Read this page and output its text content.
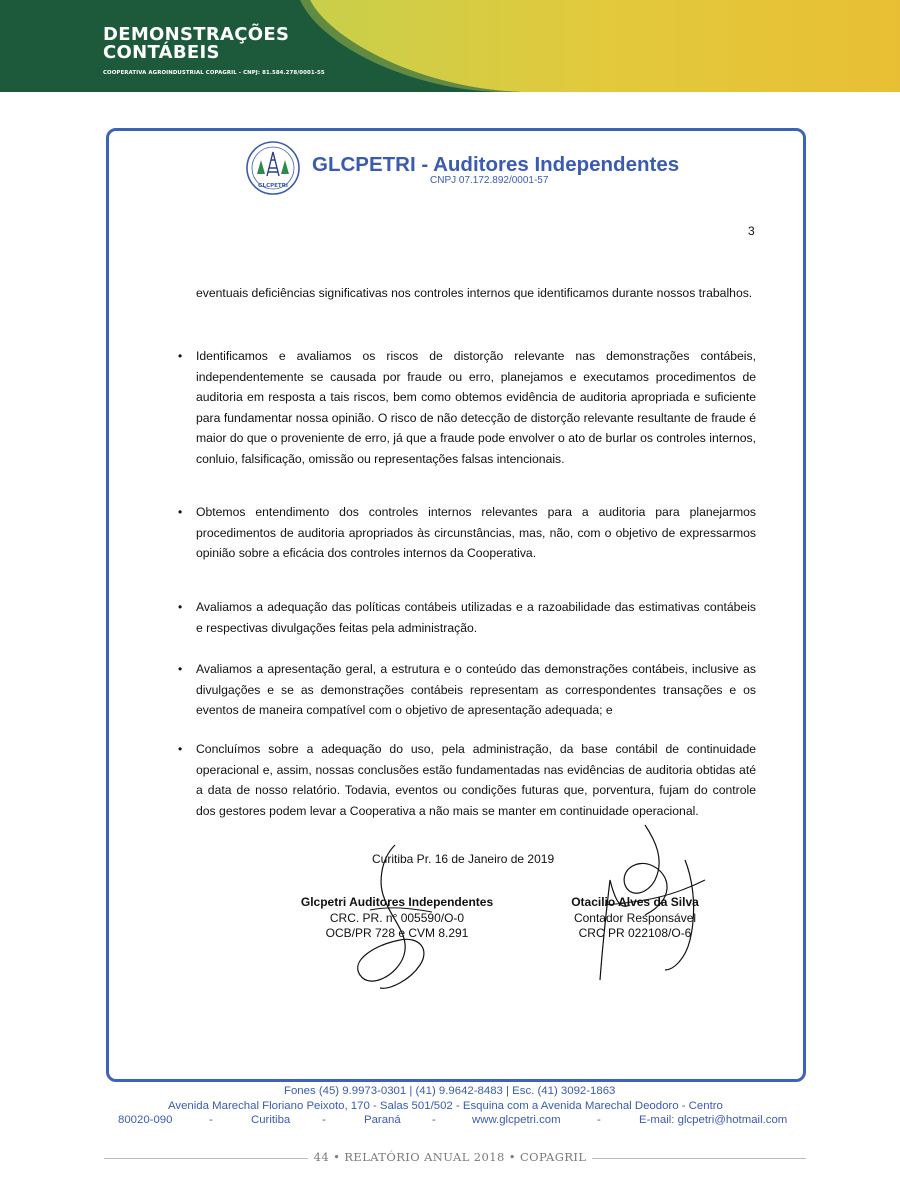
DEMONSTRAÇÕES
CONTÁBEIS
COOPERATIVA AGROINDUSTRIAL COPAGRIL - CNPJ: 81.584.278/0001-55
GLCPETRI
GLCPETRI - Auditores Independentes
CNPJ 07.172.892/0001-57
3
eventuais deficiências significativas nos controles internos que identificamos durante nossos trabalhos.
• Identificamos e avaliamos os riscos de distorção relevante nas demonstrações contábeis, independentemente se causada por fraude ou erro, planejamos e executamos procedimentos de auditoria em resposta a tais riscos, bem como obtemos evidência de auditoria apropriada e suficiente para fundamentar nossa opinião. O risco de não detecção de distorção relevante resultante de fraude é maior do que o proveniente de erro, já que a fraude pode envolver o ato de burlar os controles internos, conluio, falsificação, omissão ou representações falsas intencionais.
• Obtemos entendimento dos controles internos relevantes para a auditoria para planejarmos procedimentos de auditoria apropriados às circunstâncias, mas, não, com o objetivo de expressarmos opinião sobre a eficácia dos controles internos da Cooperativa.
• Avaliamos a adequação das políticas contábeis utilizadas e a razoabilidade das estimativas contábeis e respectivas divulgações feitas pela administração.
• Avaliamos a apresentação geral, a estrutura e o conteúdo das demonstrações contábeis, inclusive as divulgações e se as demonstrações contábeis representam as correspondentes transações e os eventos de maneira compatível com o objetivo de apresentação adequada; e
• Concluímos sobre a adequação do uso, pela administração, da base contábil de continuidade operacional e, assim, nossas conclusões estão fundamentadas nas evidências de auditoria obtidas até a data de nosso relatório. Todavia, eventos ou condições futuras que, porventura, fujam do controle dos gestores podem levar a Cooperativa a não mais se manter em continuidade operacional.
Curitiba Pr. 16 de Janeiro de 2019
Glcpetri Auditores Independentes
CRC. PR. n° 005590/O-0
OCB/PR 728 e CVM 8.291
Otacilio Alves da Silva
Contador Responsável
CRC PR 022108/O-6
Fones (45) 9.9973-0301 | (41) 9.9642-8483 | Esc. (41) 3092-1863
Avenida Marechal Floriano Peixoto, 170 - Salas 501/502 - Esquina com a Avenida Marechal Deodoro - Centro
80020-090	-	Curitiba	-	Paraná	-	www.glcpetri.com	-	E-mail: glcpetri@hotmail.com
44 • RELATÓRIO ANUAL 2018 • COPAGRIL
